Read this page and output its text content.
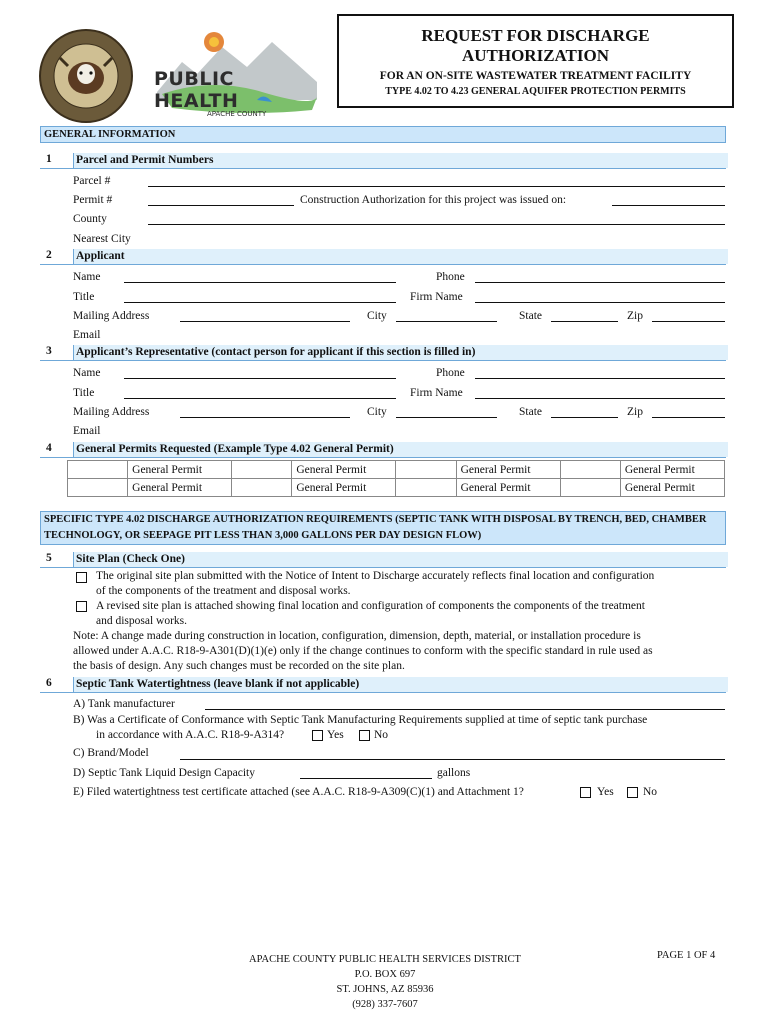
PUBLIC HEALTH
APACHE COUNTY
REQUEST FOR DISCHARGE
AUTHORIZATION
FOR AN ON-SITE WASTEWATER TREATMENT FACILITY
TYPE 4.02 TO 4.23 GENERAL AQUIFER PROTECTION PERMITS
GENERAL INFORMATION
1 Parcel and Permit Numbers
Parcel #
Permit #	Construction Authorization for this project was issued on:
County
Nearest City
2 Applicant
Name	Phone
Title	Firm Name
Mailing Address	City	State	Zip
Email
3 Applicant’s Representative (contact person for applicant if this section is filled in)
Name	Phone
Title	Firm Name
Mailing Address	City	State	Zip
Email
4 General Permits Requested (Example Type 4.02 General Permit)
	General Permit		General Permit		General Permit		General Permit
	General Permit		General Permit		General Permit		General Permit
SPECIFIC TYPE 4.02 DISCHARGE AUTHORIZATION REQUIREMENTS (SEPTIC TANK WITH DISPOSAL BY TRENCH, BED, CHAMBER
TECHNOLOGY, OR SEEPAGE PIT LESS THAN 3,000 GALLONS PER DAY DESIGN FLOW)
5 Site Plan (Check One)
The original site plan submitted with the Notice of Intent to Discharge accurately reflects final location and configuration
of the components of the treatment and disposal works.
A revised site plan is attached showing final location and configuration of components the components of the treatment
and disposal works.
Note: A change made during construction in location, configuration, dimension, depth, material, or installation procedure is
allowed under A.A.C. R18-9-A301(D)(1)(e) only if the change continues to conform with the specific standard in rule used as
the basis of design. Any such changes must be recorded on the site plan.
6 Septic Tank Watertightness (leave blank if not applicable)
A) Tank manufacturer
B) Was a Certificate of Conformance with Septic Tank Manufacturing Requirements supplied at time of septic tank purchase
in accordance with A.A.C. R18-9-A314?	Yes	No
C) Brand/Model
D) Septic Tank Liquid Design Capacity	gallons
E) Filed watertightness test certificate attached (see A.A.C. R18-9-A309(C)(1) and Attachment 1?	Yes	No
APACHE COUNTY PUBLIC HEALTH SERVICES DISTRICT
P.O. BOX 697
ST. JOHNS, AZ 85936
(928) 337-7607
PAGE 1 OF 4
